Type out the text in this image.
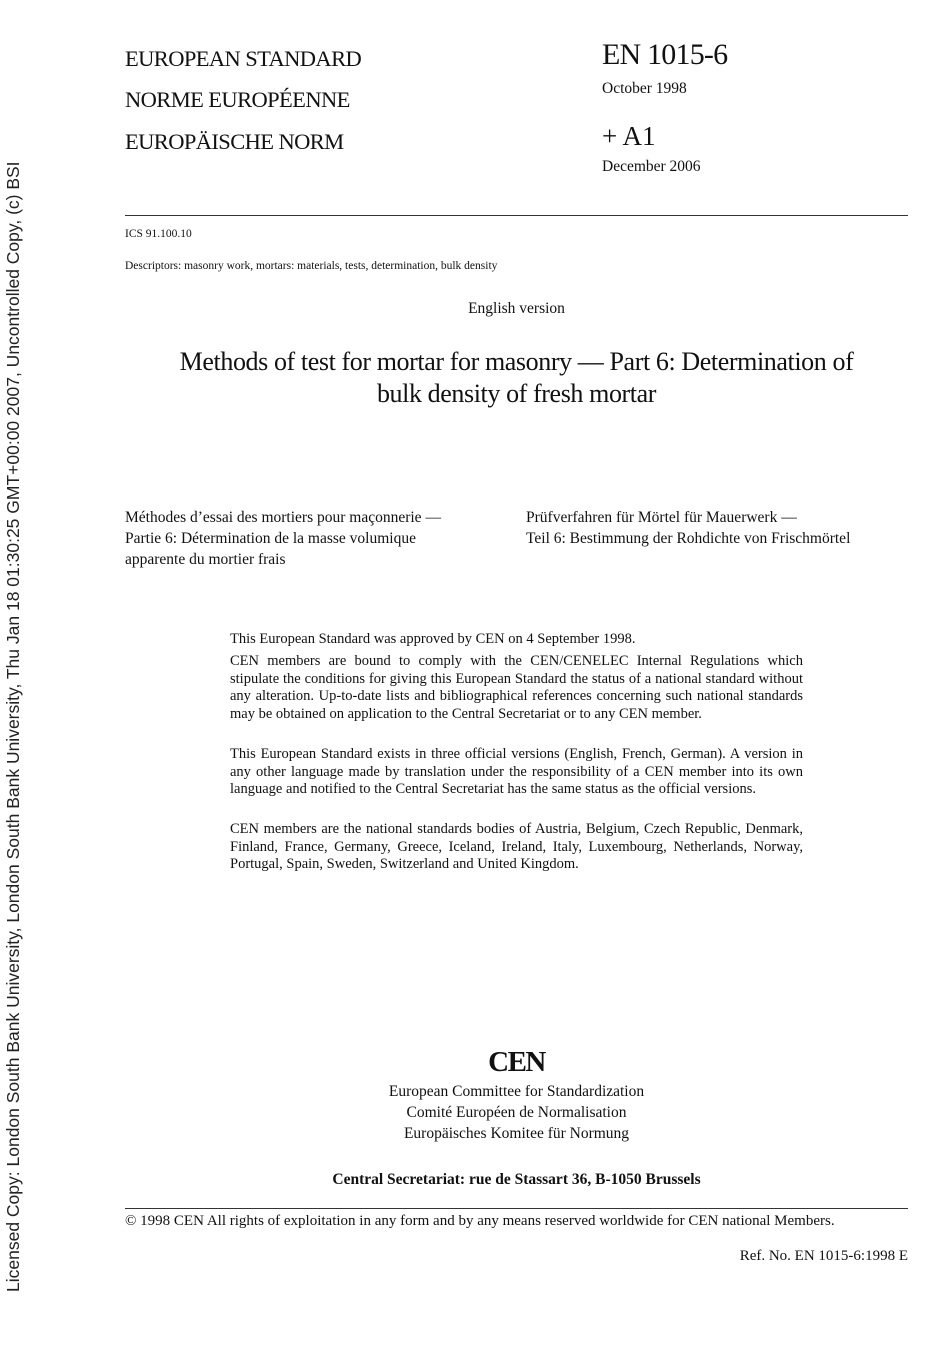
Licensed Copy: London South Bank University, London South Bank University, Thu Jan 18 01:30:25 GMT+00:00 2007, Uncontrolled Copy, (c) BSI
EUROPEAN STANDARD
NORME EUROPÉENNE
EUROPÄISCHE NORM
EN 1015-6
October 1998
+ A1
December 2006
ICS 91.100.10
Descriptors: masonry work, mortars: materials, tests, determination, bulk density
English version
Methods of test for mortar for masonry — Part 6: Determination of
bulk density of fresh mortar
Méthodes d’essai des mortiers pour maçonnerie —
Partie 6: Détermination de la masse volumique
apparente du mortier frais
Prüfverfahren für Mörtel für Mauerwerk —
Teil 6: Bestimmung der Rohdichte von Frischmörtel
This European Standard was approved by CEN on 4 September 1998.
CEN members are bound to comply with the CEN/CENELEC Internal Regulations which stipulate the conditions for giving this European Standard the status of a national standard without any alteration. Up-to-date lists and bibliographical references concerning such national standards may be obtained on application to the Central Secretariat or to any CEN member.
This European Standard exists in three official versions (English, French, German). A version in any other language made by translation under the responsibility of a CEN member into its own language and notified to the Central Secretariat has the same status as the official versions.
CEN members are the national standards bodies of Austria, Belgium, Czech Republic, Denmark, Finland, France, Germany, Greece, Iceland, Ireland, Italy, Luxembourg, Netherlands, Norway, Portugal, Spain, Sweden, Switzerland and United Kingdom.
CEN
European Committee for Standardization
Comité Européen de Normalisation
Europäisches Komitee für Normung
Central Secretariat: rue de Stassart 36, B-1050 Brussels
© 1998 CEN All rights of exploitation in any form and by any means reserved worldwide for CEN national Members.
Ref. No. EN 1015-6:1998 E
